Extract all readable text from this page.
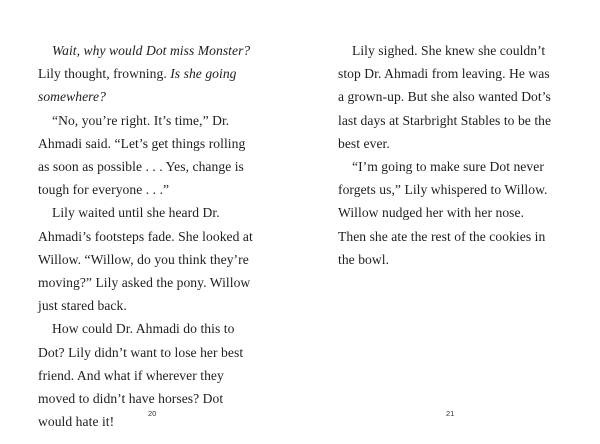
Wait, why would Dot miss Monster?
Lily thought, frowning. Is she going
somewhere?
“No, you’re right. It’s time,” Dr.
Ahmadi said. “Let’s get things rolling
as soon as possible . . . Yes, change is
tough for everyone . . .”
Lily waited until she heard Dr.
Ahmadi’s footsteps fade. She looked at
Willow. “Willow, do you think they’re
moving?” Lily asked the pony. Willow
just stared back.
How could Dr. Ahmadi do this to
Dot? Lily didn’t want to lose her best
friend. And what if wherever they
moved to didn’t have horses? Dot
would hate it!
20
Lily sighed. She knew she couldn’t
stop Dr. Ahmadi from leaving. He was
a grown-up. But she also wanted Dot’s
last days at Starbright Stables to be the
best ever.
“I’m going to make sure Dot never
forgets us,” Lily whispered to Willow.
Willow nudged her with her nose.
Then she ate the rest of the cookies in
the bowl.
21
